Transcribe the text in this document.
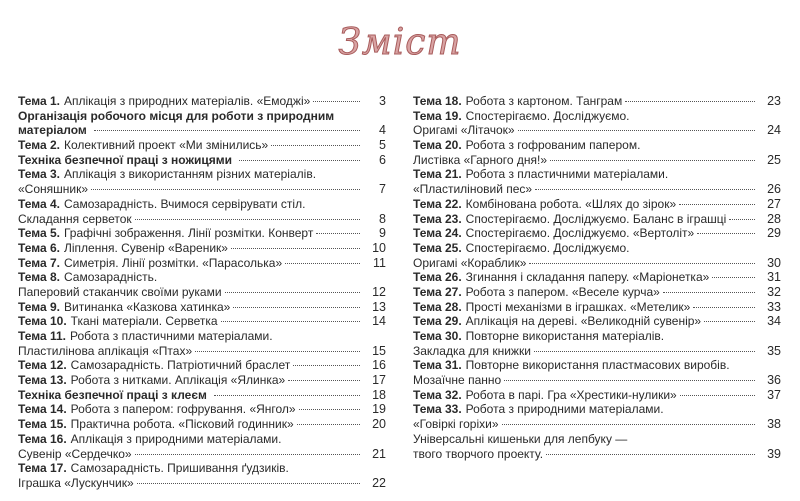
Зміст
Тема 1. Аплікація з природних матеріалів. «Емоджі»	3
Організація робочого місця для роботи з природним
матеріалом	4
Тема 2. Колективний проект «Ми змінились»	5
Техніка безпечної праці з ножицями	6
Тема 3. Аплікація з використанням різних матеріалів.
«Соняшник»	7
Тема 4. Самозарадність. Вчимося сервірувати стіл.
Складання серветок	8
Тема 5. Графічні зображення. Лінії розмітки. Конверт	9
Тема 6. Ліплення. Сувенір «Вареник»	10
Тема 7. Симетрія. Лінії розмітки. «Парасолька»	11
Тема 8. Самозарадність.
Паперовий стаканчик своїми руками	12
Тема 9. Витинанка «Казкова хатинка»	13
Тема 10. Ткані матеріали. Серветка	14
Тема 11. Робота з пластичними матеріалами.
Пластилінова аплікація «Птах»	15
Тема 12. Самозарадність. Патріотичний браслет	16
Тема 13. Робота з нитками. Аплікація «Ялинка»	17
Техніка безпечної праці з клеєм	18
Тема 14. Робота з папером: гофрування. «Янгол»	19
Тема 15. Практична робота. «Пісковий годинник»	20
Тема 16. Аплікація з природними матеріалами.
Сувенір «Сердечко»	21
Тема 17. Самозарадність. Пришивання ґудзиків.
Іграшка «Лускунчик»	22
Тема 18. Робота з картоном. Танграм	23
Тема 19. Спостерігаємо. Досліджуємо.
Оригамі «Літачок»	24
Тема 20. Робота з гофрованим папером.
Листівка «Гарного дня!»	25
Тема 21. Робота з пластичними матеріалами.
«Пластиліновий пес»	26
Тема 22. Комбінована робота. «Шлях до зірок»	27
Тема 23. Спостерігаємо. Досліджуємо. Баланс в іграшці	28
Тема 24. Спостерігаємо. Досліджуємо. «Вертоліт»	29
Тема 25. Спостерігаємо. Досліджуємо.
Оригамі «Кораблик»	30
Тема 26. Згинання і складання паперу. «Маріонетка»	31
Тема 27. Робота з папером. «Веселе курча»	32
Тема 28. Прості механізми в іграшках. «Метелик»	33
Тема 29. Аплікація на дереві. «Великодній сувенір»	34
Тема 30. Повторне використання матеріалів.
Закладка для книжки	35
Тема 31. Повторне використання пластмасових виробів.
Мозаїчне панно	36
Тема 32. Робота в парі. Гра «Хрестики-нулики»	37
Тема 33. Робота з природними матеріалами.
«Говіркі горіхи»	38
Універсальні кишеньки для лепбуку —
твого творчого проекту.	39
